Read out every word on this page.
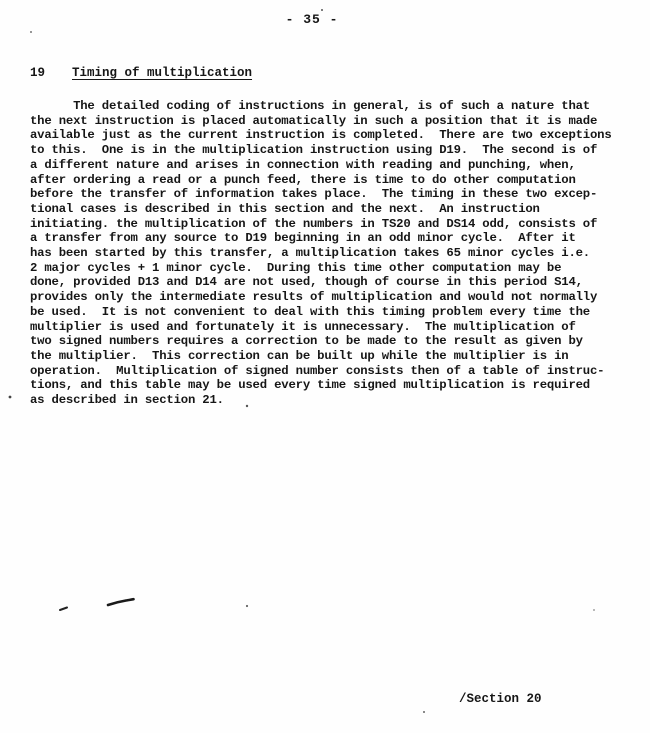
- 35 -
19 Timing of multiplication
The detailed coding of instructions in general, is of such a nature that
the next instruction is placed automatically in such a position that it is made
available just as the current instruction is completed.  There are two exceptions
to this.  One is in the multiplication instruction using D19.  The second is of
a different nature and arises in connection with reading and punching, when,
after ordering a read or a punch feed, there is time to do other computation
before the transfer of information takes place.  The timing in these two excep-
tional cases is described in this section and the next.  An instruction
initiating. the multiplication of the numbers in TS20 and DS14 odd, consists of
a transfer from any source to D19 beginning in an odd minor cycle.  After it
has been started by this transfer, a multiplication takes 65 minor cycles i.e.
2 major cycles + 1 minor cycle.  During this time other computation may be
done, provided D13 and D14 are not used, though of course in this period S14,
provides only the intermediate results of multiplication and would not normally
be used.  It is not convenient to deal with this timing problem every time the
multiplier is used and fortunately it is unnecessary.  The multiplication of
two signed numbers requires a correction to be made to the result as given by
the multiplier.  This correction can be built up while the multiplier is in
operation.  Multiplication of signed number consists then of a table of instruc-
tions, and this table may be used every time signed multiplication is required
as described in section 21.
/Section 20
